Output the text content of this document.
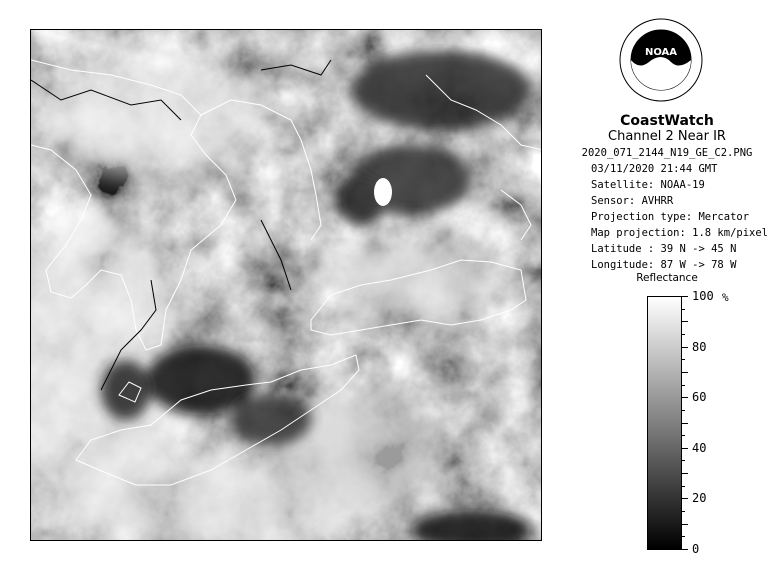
NOAA
CoastWatch
Channel 2 Near IR
2020_071_2144_N19_GE_C2.PNG
03/11/2020 21:44 GMT
Satellite: NOAA-19
Sensor: AVHRR
Projection type: Mercator
Map projection: 1.8 km/pixel
Latitude : 39 N -> 45 N
Longitude: 87 W -> 78 W
Reflectance
%
100
80
60
40
20
0
